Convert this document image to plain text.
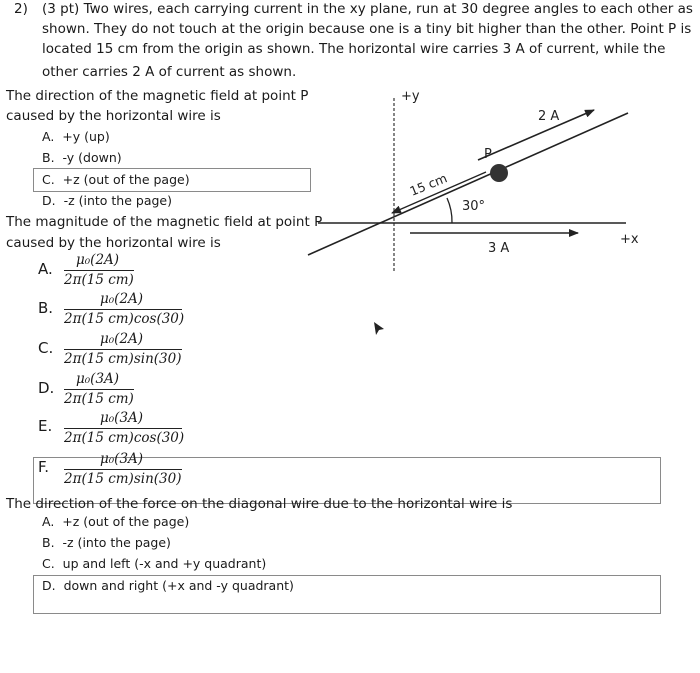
2) (3 pt) Two wires, each carrying current in the xy plane, run at 30 degree angles to each other as
shown. They do not touch at the origin because one is a tiny bit higher than the other. Point P is
located 15 cm from the origin as shown. The horizontal wire carries 3 A of current, while the
other carries 2 A of current as shown.
The direction of the magnetic field at point P
caused by the horizontal wire is
A. +y (up)
B. -y (down)
C. +z (out of the page)
D. -z (into the page)
The magnitude of the magnetic field at point P
caused by the horizontal wire is
A. μ₀(2A)
2π(15 cm)
B.	μ₀(2A)
2π(15 cm)cos(30)
C.	μ₀(2A)
2π(15 cm)sin(30)
D. μ₀(3A)
2π(15 cm)
E.	μ₀(3A)
2π(15 cm)cos(30)
F.	μ₀(3A)
2π(15 cm)sin(30)
The direction of the force on the diagonal wire due to the horizontal wire is
A. +z (out of the page)
B. -z (into the page)
C. up and left (-x and +y quadrant)
D. down and right (+x and -y quadrant)
+y
+x
3 A
2 A
15 cm
30°
P
